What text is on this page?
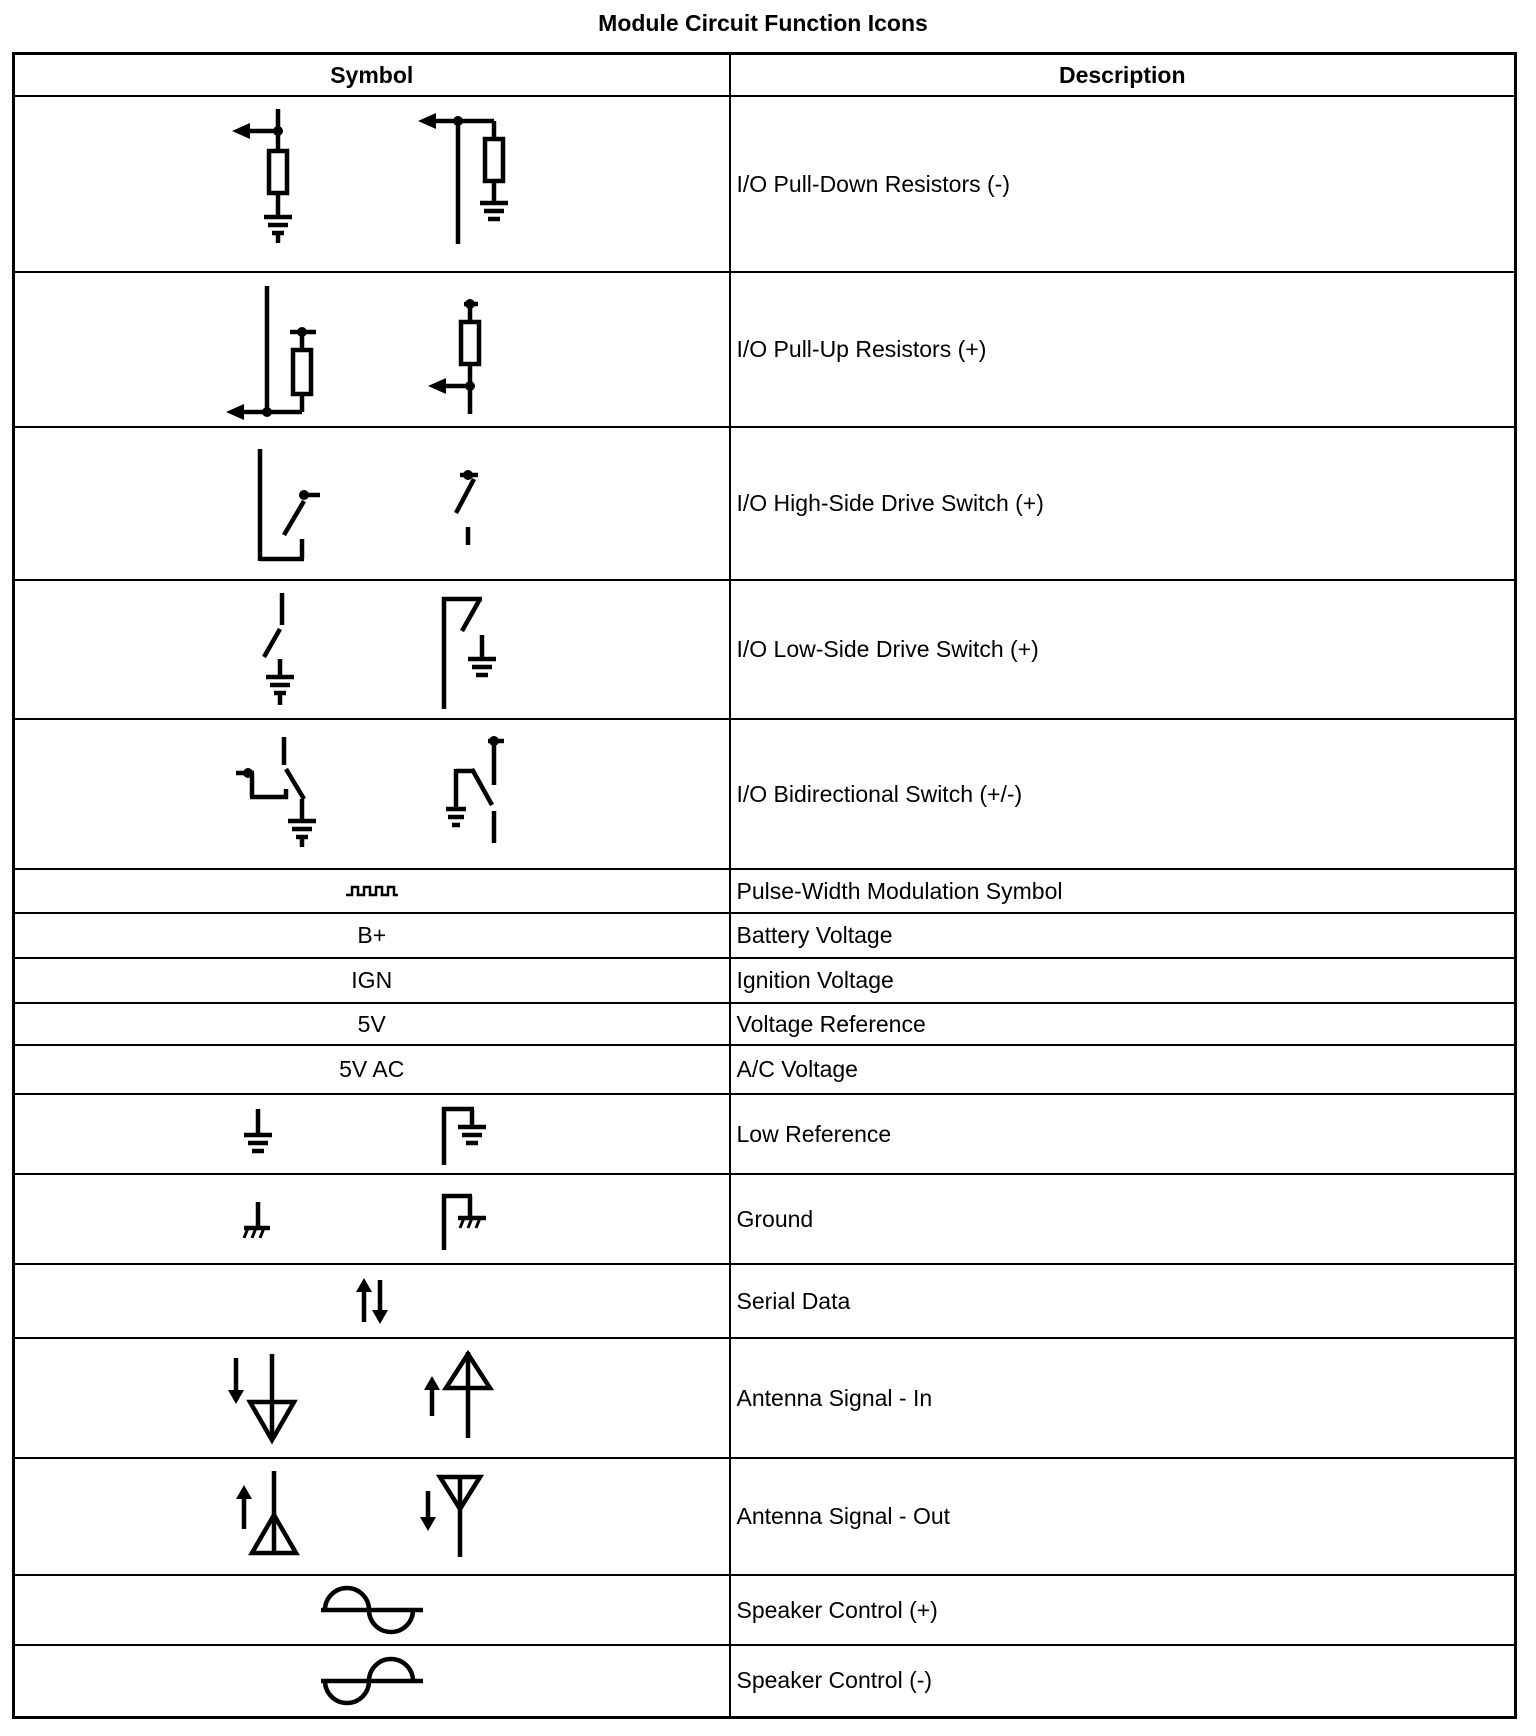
Module Circuit Function Icons
Symbol	Description

	I/O Pull-Down Resistors (-)

	I/O Pull-Up Resistors (+)

	I/O High-Side Drive Switch (+)

	I/O Low-Side Drive Switch (+)

	I/O Bidirectional Switch (+/-)

	Pulse-Width Modulation Symbol
B+	Battery Voltage
IGN	Ignition Voltage
5V	Voltage Reference
5V AC	A/C Voltage

	Low Reference

	Ground

	Serial Data

	Antenna Signal - In

	Antenna Signal - Out

	Speaker Control (+)

	Speaker Control (-)
